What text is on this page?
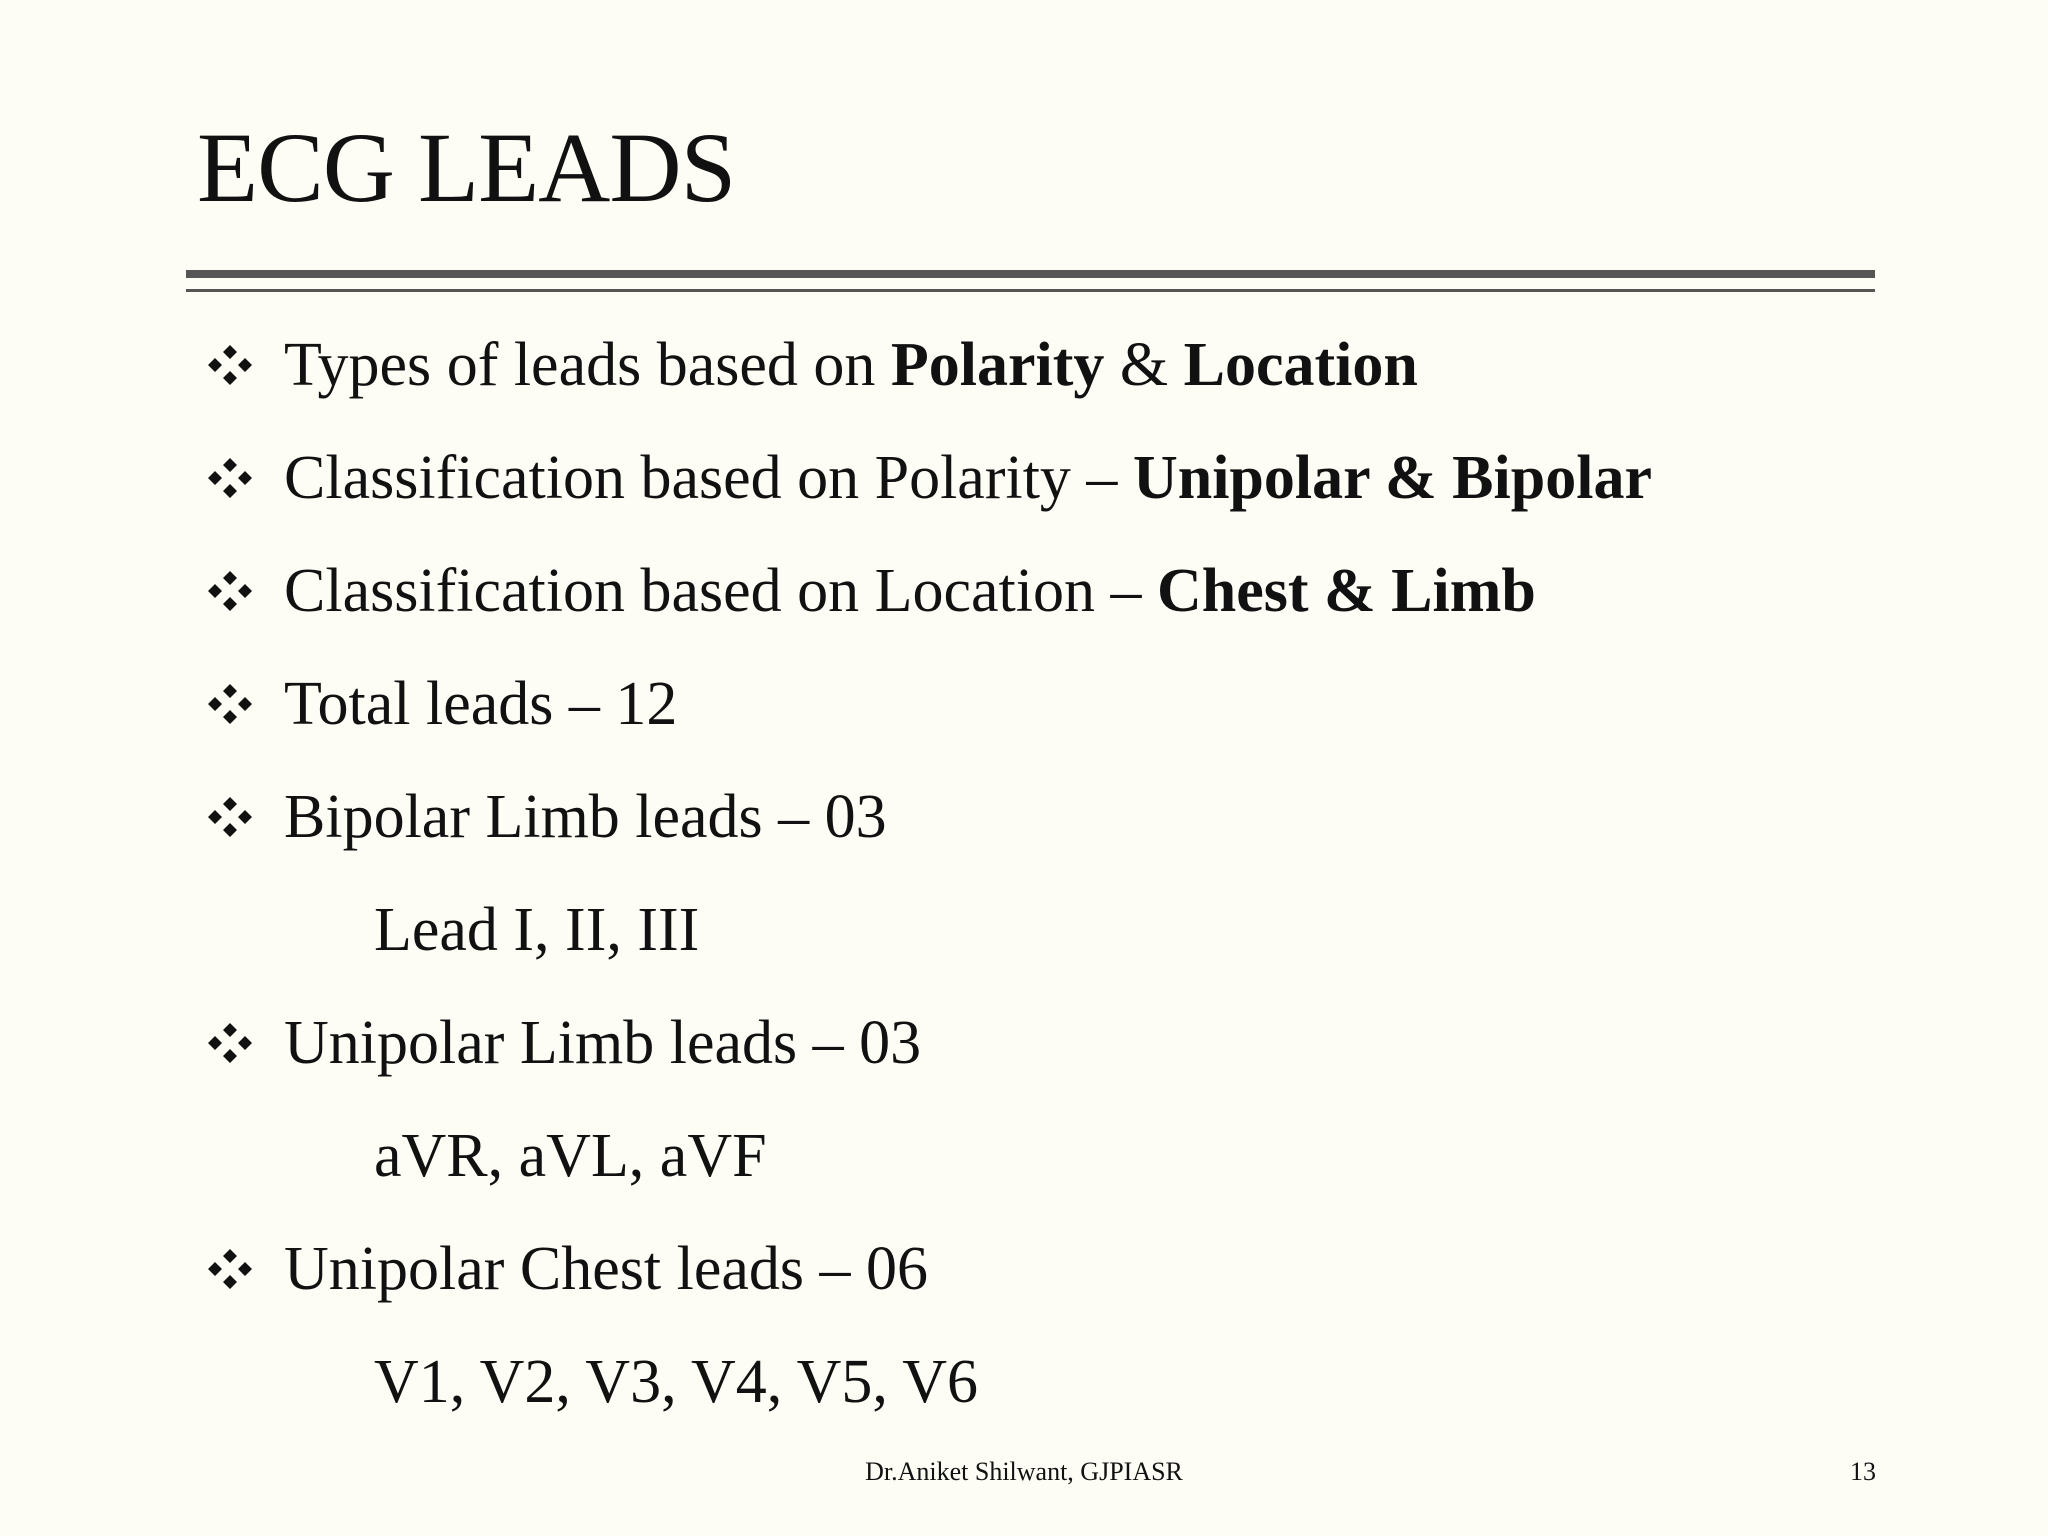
ECG LEADS
Types of leads based on Polarity & Location
Classification based on Polarity – Unipolar & Bipolar
Classification based on Location – Chest & Limb
Total leads – 12
Bipolar Limb leads – 03
Lead I, II, III
Unipolar Limb leads – 03
aVR, aVL, aVF
Unipolar Chest leads – 06
V1, V2, V3, V4, V5, V6
Dr.Aniket Shilwant, GJPIASR	13
